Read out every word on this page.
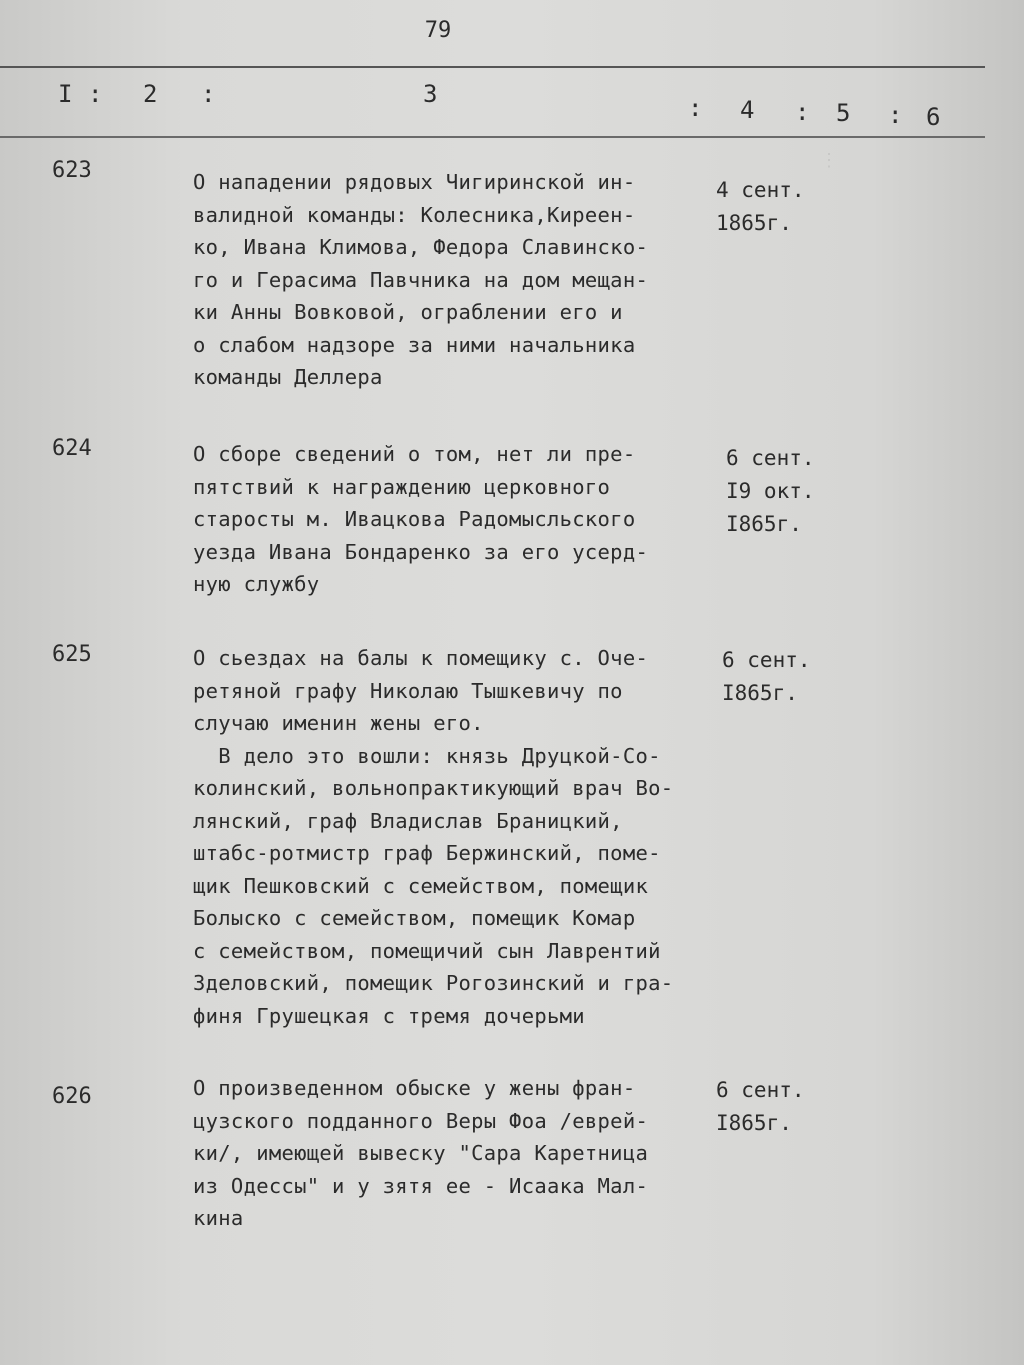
⋮
79
I : 2 :	3	: 4 : 5 : 6
623	О нападении рядовых Чигиринской ин-
валидной команды: Колесника,Киреен-
ко, Ивана Климова, Федора Славинско-
го и Герасима Павчника на дом мещан-
ки Анны Вовковой, ограблении его и
о слабом надзоре за ними начальника
команды Деллера
4 сент.
1865г.
624	О сборе сведений о том, нет ли пре-
пятствий к награждению церковного
старосты м. Ивацкова Радомысльского
уезда Ивана Бондаренко за его усерд-
ную службу
6 сент.
I9 окт.
I865г.
625	О сьездах на балы к помещику с. Оче-
ретяной графу Николаю Тышкевичу по
случаю именин жены его.
В дело это вошли: князь Друцкой-Со-
колинский, вольнопрактикующий врач Во-
лянский, граф Владислав Браницкий,
штабс-ротмистр граф Бержинский, поме-
щик Пешковский с семейством, помещик
Болыско с семейством, помещик Комар
с семейством, помещичий сын Лаврентий
Зделовский, помещик Рогозинский и гра-
финя Грушецкая с тремя дочерьми
6 сент.
I865г.
626	О произведенном обыске у жены фран-
цузского подданного Веры Фоа /еврей-
ки/, имеющей вывеску "Сара Каретница
из Одессы" и у зятя ее - Исаака Мал-
кина
6 сент.
I865г.
